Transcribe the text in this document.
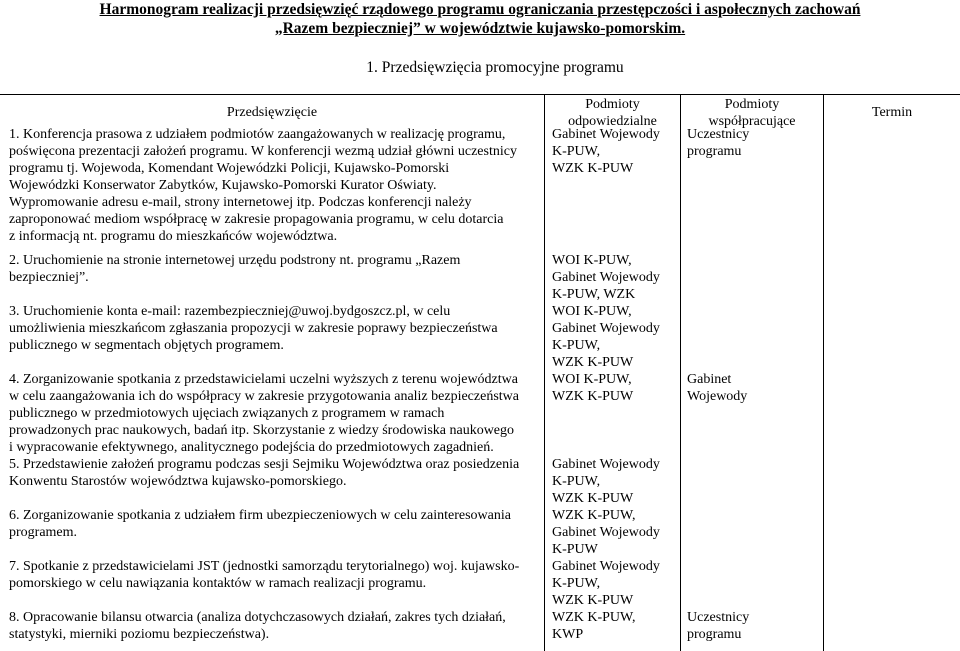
Harmonogram realizacji przedsięwzięć rządowego programu ograniczania przestępczości i aspołecznych zachowań
„Razem bezpieczniej” w województwie kujawsko-pomorskim.
1. Przedsięwzięcia promocyjne programu
Przedsięwzięcie
Podmioty
odpowiedzialne
Podmioty
współpracujące
Termin
1. Konferencja prasowa z udziałem podmiotów zaangażowanych w realizację programu,
poświęcona prezentacji założeń programu. W konferencji wezmą udział główni uczestnicy
programu tj. Wojewoda, Komendant Wojewódzki Policji, Kujawsko-Pomorski
Wojewódzki Konserwator Zabytków, Kujawsko-Pomorski Kurator Oświaty.
Wypromowanie adresu e-mail, strony internetowej itp. Podczas konferencji należy
zaproponować mediom współpracę w zakresie propagowania programu, w celu dotarcia
z informacją nt. programu do mieszkańców województwa.
Gabinet Wojewody
K-PUW,
WZK K-PUW
Uczestnicy
programu
2. Uruchomienie na stronie internetowej urzędu podstrony nt. programu „Razem
bezpieczniej”.
WOI K-PUW,
Gabinet Wojewody
K-PUW, WZK
3. Uruchomienie konta e-mail: razembezpieczniej@uwoj.bydgoszcz.pl, w celu
umożliwienia mieszkańcom zgłaszania propozycji w zakresie poprawy bezpieczeństwa
publicznego w segmentach objętych programem.
WOI K-PUW,
Gabinet Wojewody
K-PUW,
WZK K-PUW
4. Zorganizowanie spotkania z przedstawicielami uczelni wyższych z terenu województwa
w celu zaangażowania ich do współpracy w zakresie przygotowania analiz bezpieczeństwa
publicznego w przedmiotowych ujęciach związanych z programem w ramach
prowadzonych prac naukowych, badań itp. Skorzystanie z wiedzy środowiska naukowego
i wypracowanie efektywnego, analitycznego podejścia do przedmiotowych zagadnień.
WOI K-PUW,
WZK K-PUW
Gabinet
Wojewody
5. Przedstawienie założeń programu podczas sesji Sejmiku Województwa oraz posiedzenia
Konwentu Starostów województwa kujawsko-pomorskiego.
Gabinet Wojewody
K-PUW,
WZK K-PUW
6. Zorganizowanie spotkania z udziałem firm ubezpieczeniowych w celu zainteresowania
programem.
WZK K-PUW,
Gabinet Wojewody
K-PUW
7. Spotkanie z przedstawicielami JST (jednostki samorządu terytorialnego) woj. kujawsko-
pomorskiego w celu nawiązania kontaktów w ramach realizacji programu.
Gabinet Wojewody
K-PUW,
WZK K-PUW
8. Opracowanie bilansu otwarcia (analiza dotychczasowych działań, zakres tych działań,
statystyki, mierniki poziomu bezpieczeństwa).
WZK K-PUW,
KWP
Uczestnicy
programu
